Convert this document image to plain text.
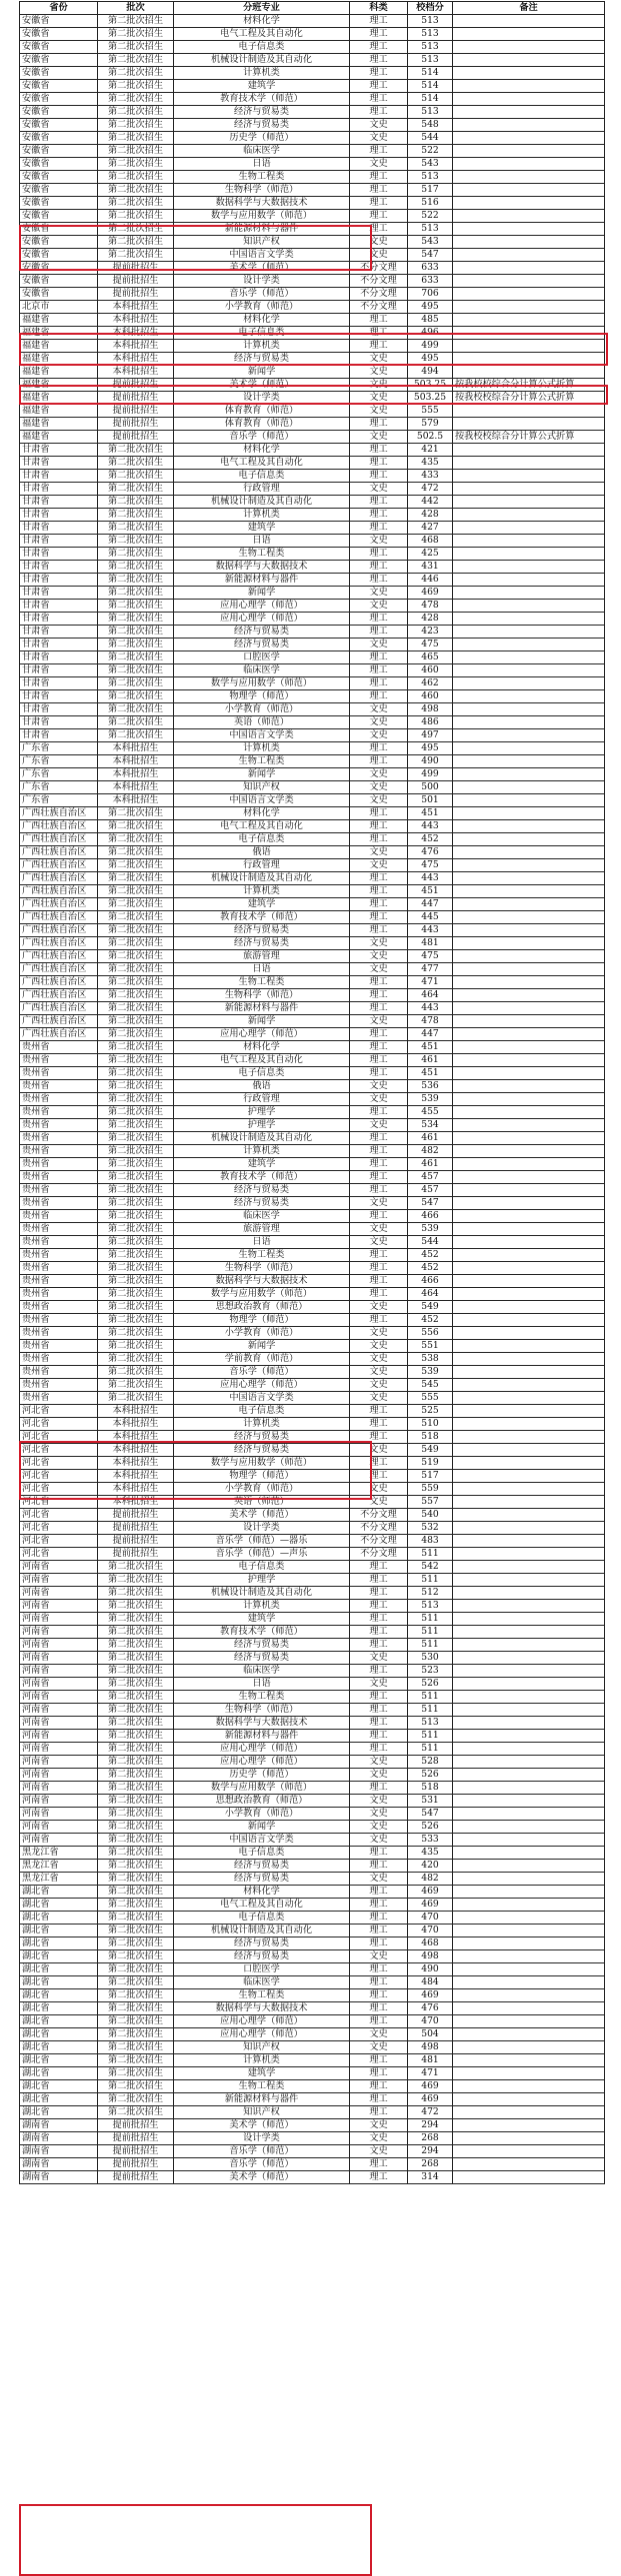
省份	批次	分班专业	科类	校档分	备注
安徽省	第二批次招生	材料化学	理工	513	
安徽省	第二批次招生	电气工程及其自动化	理工	513	
安徽省	第二批次招生	电子信息类	理工	513	
安徽省	第二批次招生	机械设计制造及其自动化	理工	513	
安徽省	第二批次招生	计算机类	理工	514	
安徽省	第二批次招生	建筑学	理工	514	
安徽省	第二批次招生	教育技术学（师范）	理工	514	
安徽省	第二批次招生	经济与贸易类	理工	513	
安徽省	第二批次招生	经济与贸易类	文史	548	
安徽省	第二批次招生	历史学（师范）	文史	544	
安徽省	第二批次招生	临床医学	理工	522	
安徽省	第二批次招生	日语	文史	543	
安徽省	第二批次招生	生物工程类	理工	513	
安徽省	第二批次招生	生物科学（师范）	理工	517	
安徽省	第二批次招生	数据科学与大数据技术	理工	516	
安徽省	第二批次招生	数学与应用数学（师范）	理工	522	
安徽省	第二批次招生	新能源材料与器件	理工	513	
安徽省	第二批次招生	知识产权	文史	543	
安徽省	第二批次招生	中国语言文学类	文史	547	
安徽省	提前批招生	美术学（师范）	不分文理	633	
安徽省	提前批招生	设计学类	不分文理	633	
安徽省	提前批招生	音乐学（师范）	不分文理	706	
北京市	本科批招生	小学教育（师范）	不分文理	495	
福建省	本科批招生	材料化学	理工	485	
福建省	本科批招生	电子信息类	理工	496	
福建省	本科批招生	计算机类	理工	499	
福建省	本科批招生	经济与贸易类	文史	495	
福建省	本科批招生	新闻学	文史	494	
福建省	提前批招生	美术学（师范）	文史	503.25	按我校校综合分计算公式折算
福建省	提前批招生	设计学类	文史	503.25	按我校校综合分计算公式折算
福建省	提前批招生	体育教育（师范）	文史	555	
福建省	提前批招生	体育教育（师范）	理工	579	
福建省	提前批招生	音乐学（师范）	文史	502.5	按我校校综合分计算公式折算
甘肃省	第二批次招生	材料化学	理工	421	
甘肃省	第二批次招生	电气工程及其自动化	理工	435	
甘肃省	第二批次招生	电子信息类	理工	433	
甘肃省	第二批次招生	行政管理	文史	472	
甘肃省	第二批次招生	机械设计制造及其自动化	理工	442	
甘肃省	第二批次招生	计算机类	理工	428	
甘肃省	第二批次招生	建筑学	理工	427	
甘肃省	第二批次招生	日语	文史	468	
甘肃省	第二批次招生	生物工程类	理工	425	
甘肃省	第二批次招生	数据科学与大数据技术	理工	431	
甘肃省	第二批次招生	新能源材料与器件	理工	446	
甘肃省	第二批次招生	新闻学	文史	469	
甘肃省	第二批次招生	应用心理学（师范）	文史	478	
甘肃省	第二批次招生	应用心理学（师范）	理工	428	
甘肃省	第二批次招生	经济与贸易类	理工	423	
甘肃省	第二批次招生	经济与贸易类	文史	475	
甘肃省	第二批次招生	口腔医学	理工	465	
甘肃省	第二批次招生	临床医学	理工	460	
甘肃省	第二批次招生	数学与应用数学（师范）	理工	462	
甘肃省	第二批次招生	物理学（师范）	理工	460	
甘肃省	第二批次招生	小学教育（师范）	文史	498	
甘肃省	第二批次招生	英语（师范）	文史	486	
甘肃省	第二批次招生	中国语言文学类	文史	497	
广东省	本科批招生	计算机类	理工	495	
广东省	本科批招生	生物工程类	理工	490	
广东省	本科批招生	新闻学	文史	499	
广东省	本科批招生	知识产权	文史	500	
广东省	本科批招生	中国语言文学类	文史	501	
广西壮族自治区	第二批次招生	材料化学	理工	451	
广西壮族自治区	第二批次招生	电气工程及其自动化	理工	443	
广西壮族自治区	第二批次招生	电子信息类	理工	452	
广西壮族自治区	第二批次招生	俄语	文史	476	
广西壮族自治区	第二批次招生	行政管理	文史	475	
广西壮族自治区	第二批次招生	机械设计制造及其自动化	理工	443	
广西壮族自治区	第二批次招生	计算机类	理工	451	
广西壮族自治区	第二批次招生	建筑学	理工	447	
广西壮族自治区	第二批次招生	教育技术学（师范）	理工	445	
广西壮族自治区	第二批次招生	经济与贸易类	理工	443	
广西壮族自治区	第二批次招生	经济与贸易类	文史	481	
广西壮族自治区	第二批次招生	旅游管理	文史	475	
广西壮族自治区	第二批次招生	日语	文史	477	
广西壮族自治区	第二批次招生	生物工程类	理工	471	
广西壮族自治区	第二批次招生	生物科学（师范）	理工	464	
广西壮族自治区	第二批次招生	新能源材料与器件	理工	443	
广西壮族自治区	第二批次招生	新闻学	文史	478	
广西壮族自治区	第二批次招生	应用心理学（师范）	理工	447	
贵州省	第二批次招生	材料化学	理工	451	
贵州省	第二批次招生	电气工程及其自动化	理工	461	
贵州省	第二批次招生	电子信息类	理工	451	
贵州省	第二批次招生	俄语	文史	536	
贵州省	第二批次招生	行政管理	文史	539	
贵州省	第二批次招生	护理学	理工	455	
贵州省	第二批次招生	护理学	文史	534	
贵州省	第二批次招生	机械设计制造及其自动化	理工	461	
贵州省	第二批次招生	计算机类	理工	482	
贵州省	第二批次招生	建筑学	理工	461	
贵州省	第二批次招生	教育技术学（师范）	理工	457	
贵州省	第二批次招生	经济与贸易类	理工	457	
贵州省	第二批次招生	经济与贸易类	文史	547	
贵州省	第二批次招生	临床医学	理工	466	
贵州省	第二批次招生	旅游管理	文史	539	
贵州省	第二批次招生	日语	文史	544	
贵州省	第二批次招生	生物工程类	理工	452	
贵州省	第二批次招生	生物科学（师范）	理工	452	
贵州省	第二批次招生	数据科学与大数据技术	理工	466	
贵州省	第二批次招生	数学与应用数学（师范）	理工	464	
贵州省	第二批次招生	思想政治教育（师范）	文史	549	
贵州省	第二批次招生	物理学（师范）	理工	452	
贵州省	第二批次招生	小学教育（师范）	文史	556	
贵州省	第二批次招生	新闻学	文史	551	
贵州省	第二批次招生	学前教育（师范）	文史	538	
贵州省	第二批次招生	音乐学（师范）	文史	539	
贵州省	第二批次招生	应用心理学（师范）	文史	545	
贵州省	第二批次招生	中国语言文学类	文史	555	
河北省	本科批招生	电子信息类	理工	525	
河北省	本科批招生	计算机类	理工	510	
河北省	本科批招生	经济与贸易类	理工	518	
河北省	本科批招生	经济与贸易类	文史	549	
河北省	本科批招生	数学与应用数学（师范）	理工	519	
河北省	本科批招生	物理学（师范）	理工	517	
河北省	本科批招生	小学教育（师范）	文史	559	
河北省	本科批招生	英语（师范）	文史	557	
河北省	提前批招生	美术学（师范）	不分文理	540	
河北省	提前批招生	设计学类	不分文理	532	
河北省	提前批招生	音乐学（师范）—器乐	不分文理	483	
河北省	提前批招生	音乐学（师范）—声乐	不分文理	511	
河南省	第二批次招生	电子信息类	理工	542	
河南省	第二批次招生	护理学	理工	511	
河南省	第二批次招生	机械设计制造及其自动化	理工	512	
河南省	第二批次招生	计算机类	理工	513	
河南省	第二批次招生	建筑学	理工	511	
河南省	第二批次招生	教育技术学（师范）	理工	511	
河南省	第二批次招生	经济与贸易类	理工	511	
河南省	第二批次招生	经济与贸易类	文史	530	
河南省	第二批次招生	临床医学	理工	523	
河南省	第二批次招生	日语	文史	526	
河南省	第二批次招生	生物工程类	理工	511	
河南省	第二批次招生	生物科学（师范）	理工	511	
河南省	第二批次招生	数据科学与大数据技术	理工	513	
河南省	第二批次招生	新能源材料与器件	理工	511	
河南省	第二批次招生	应用心理学（师范）	理工	511	
河南省	第二批次招生	应用心理学（师范）	文史	528	
河南省	第二批次招生	历史学（师范）	文史	526	
河南省	第二批次招生	数学与应用数学（师范）	理工	518	
河南省	第二批次招生	思想政治教育（师范）	文史	531	
河南省	第二批次招生	小学教育（师范）	文史	547	
河南省	第二批次招生	新闻学	文史	526	
河南省	第二批次招生	中国语言文学类	文史	533	
黑龙江省	第二批次招生	电子信息类	理工	435	
黑龙江省	第二批次招生	经济与贸易类	理工	420	
黑龙江省	第二批次招生	经济与贸易类	文史	482	
湖北省	第二批次招生	材料化学	理工	469	
湖北省	第二批次招生	电气工程及其自动化	理工	469	
湖北省	第二批次招生	电子信息类	理工	470	
湖北省	第二批次招生	机械设计制造及其自动化	理工	470	
湖北省	第二批次招生	经济与贸易类	理工	468	
湖北省	第二批次招生	经济与贸易类	文史	498	
湖北省	第二批次招生	口腔医学	理工	490	
湖北省	第二批次招生	临床医学	理工	484	
湖北省	第二批次招生	生物工程类	理工	469	
湖北省	第二批次招生	数据科学与大数据技术	理工	476	
湖北省	第二批次招生	应用心理学（师范）	理工	470	
湖北省	第二批次招生	应用心理学（师范）	文史	504	
湖北省	第二批次招生	知识产权	文史	498	
湖北省	第二批次招生	计算机类	理工	481	
湖北省	第二批次招生	建筑学	理工	471	
湖北省	第二批次招生	生物工程类	理工	469	
湖北省	第二批次招生	新能源材料与器件	理工	469	
湖北省	第二批次招生	知识产权	理工	472	
湖南省	提前批招生	美术学（师范）	文史	294	
湖南省	提前批招生	设计学类	文史	268	
湖南省	提前批招生	音乐学（师范）	文史	294	
湖南省	提前批招生	音乐学（师范）	理工	268	
湖南省	提前批招生	美术学（师范）	理工	314	
